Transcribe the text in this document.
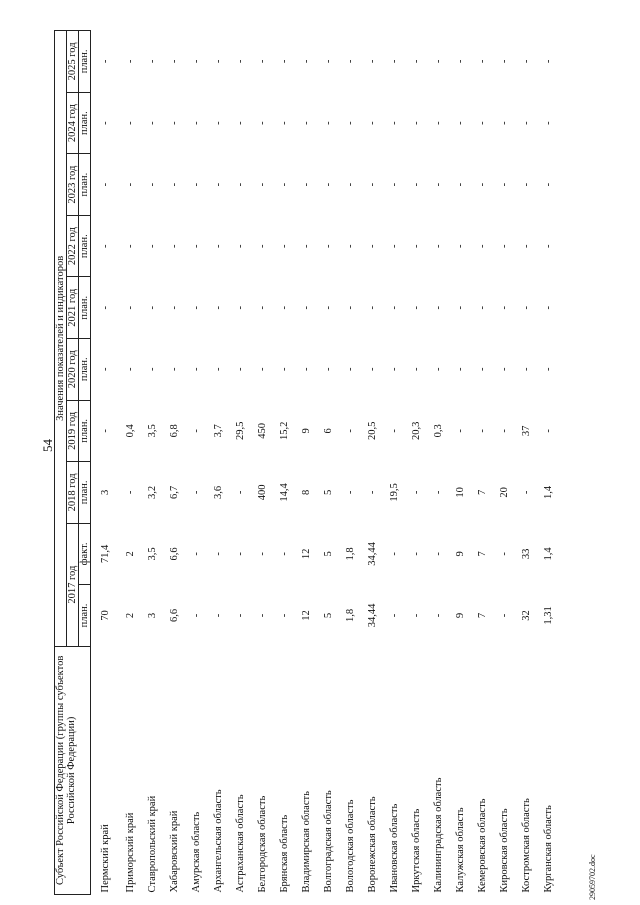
54
29059702.doc
Субъект Российской Федерации (группы субъектов Российской Федерации)	Значения показателей и индикаторов									
	2017 год		2018 год	2019 год	2020 год	2021 год	2022 год	2023 год	2024 год	2025 год
	план.	факт.	план.	план.	план.	план.	план.	план.	план.	план.
Пермский край	70	71,4	3	-	-	-	-	-	-	-
Приморский край	2	2	-	0,4	-	-	-	-	-	-
Ставропольский край	3	3,5	3,2	3,5	-	-	-	-	-	-
Хабаровский край	6,6	6,6	6,7	6,8	-	-	-	-	-	-
Амурская область	-	-	-	-	-	-	-	-	-	-
Архангельская область	-	-	3,6	3,7	-	-	-	-	-	-
Астраханская область	-	-	-	29,5	-	-	-	-	-	-
Белгородская область	-	-	400	450	-	-	-	-	-	-
Брянская область	-	-	14,4	15,2	-	-	-	-	-	-
Владимирская область	12	12	8	9	-	-	-	-	-	-
Волгоградская область	5	5	5	6	-	-	-	-	-	-
Вологодская область	1,8	1,8	-	-	-	-	-	-	-	-
Воронежская область	34,44	34,44	-	20,5	-	-	-	-	-	-
Ивановская область	-	-	19,5	-	-	-	-	-	-	-
Иркутская область	-	-	-	20,3	-	-	-	-	-	-
Калининградская область	-	-	-	0,3	-	-	-	-	-	-
Калужская область	9	9	10	-	-	-	-	-	-	-
Кемеровская область	7	7	7	-	-	-	-	-	-	-
Кировская область	-	-	20	-	-	-	-	-	-	-
Костромская область	32	33	-	37	-	-	-	-	-	-
Курганская область	1,31	1,4	1,4	-	-	-	-	-	-	-
